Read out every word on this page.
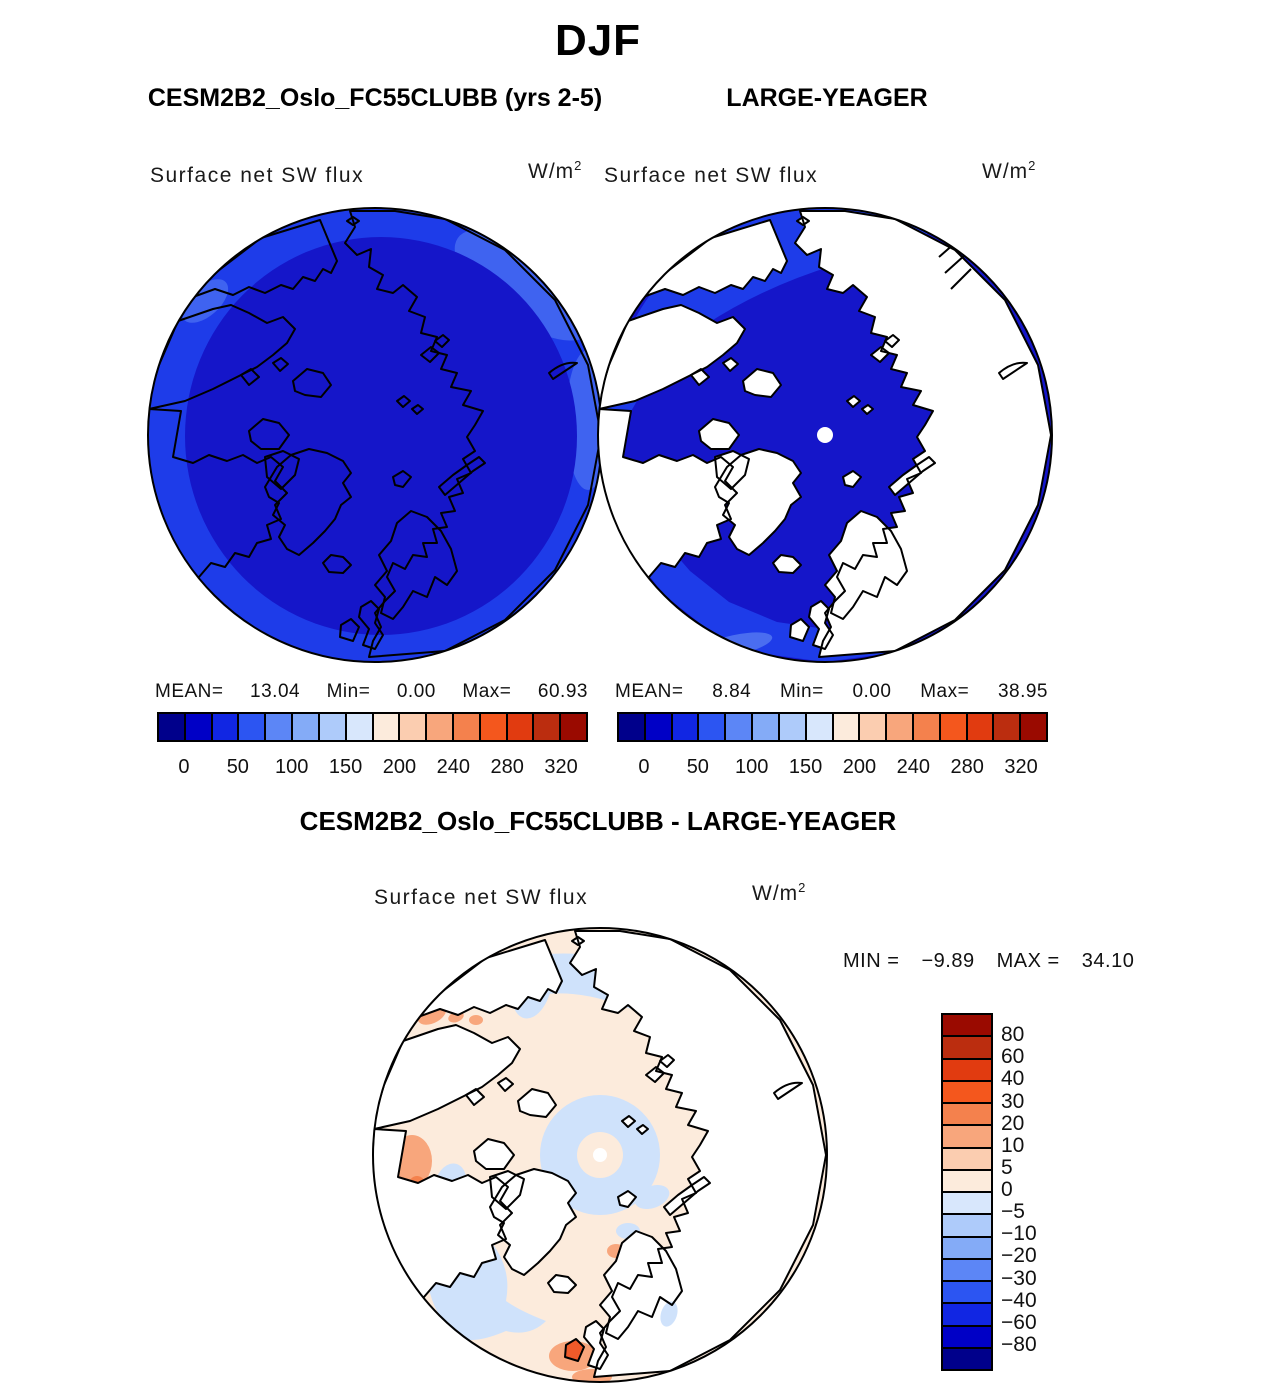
DJF
CESM2B2_Oslo_FC55CLUBB (yrs 2-5)	LARGE-YEAGER
Surface net SW flux	$W/m^2$ Surface net SW flux	$W/m^2$
MEAN= 13.04 Min= 0.00 Max= 60.93 MEAN= 8.84 Min= 0.00 Max= 38.95
0 50 100 150 200 240 280 320	0 50 100 150 200 240 280 320
CESM2B2_Oslo_FC55CLUBB - LARGE-YEAGER
Surface net SW flux	$W/m^2$
MIN = −9.89 MAX = 34.10
80
60
40
30
20
10
5
0
−5
−10
−20
−30
−40
−60
−80
